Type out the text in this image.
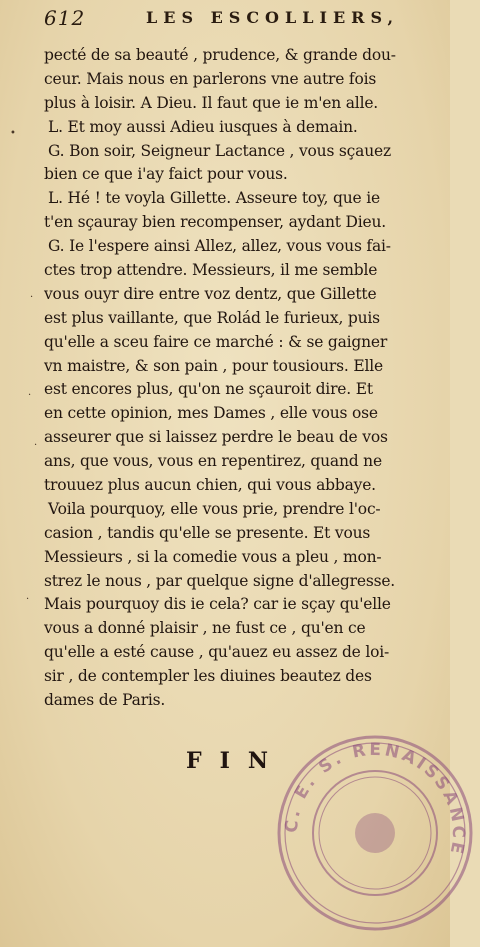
612	LES ESCOLLIERS,
pecté de sa beauté , prudence, & grande dou-
ceur. Mais nous en parlerons vne autre fois
plus à loisir. A Dieu. Il faut que ie m'en alle.
L. Et moy aussi Adieu iusques à demain.
G. Bon soir, Seigneur Lactance , vous sçauez
bien ce que i'ay faict pour vous.
L. Hé ! te voyla Gillette. Asseure toy, que ie
t'en sçauray bien recompenser, aydant Dieu.
G. Ie l'espere ainsi Allez, allez, vous vous fai-
ctes trop attendre. Messieurs, il me semble
vous ouyr dire entre voz dentz, que Gillette
est plus vaillante, que Rolád le furieux, puis
qu'elle a sceu faire ce marché : & se gaigner
vn maistre, & son pain , pour tousiours. Elle
est encores plus, qu'on ne sçauroit dire. Et
en cette opinion, mes Dames , elle vous ose
asseurer que si laissez perdre le beau de vos
ans, que vous, vous en repentirez, quand ne
trouuez plus aucun chien, qui vous abbaye.
Voila pourquoy, elle vous prie, prendre l'oc-
casion , tandis qu'elle se presente. Et vous
Messieurs , si la comedie vous a pleu , mon-
strez le nous , par quelque signe d'allegresse.
Mais pourquoy dis ie cela? car ie sçay qu'elle
vous a donné plaisir , ne fust ce , qu'en ce
qu'elle a esté cause , qu'auez eu assez de loi-
sir , de contempler les diuines beautez des
dames de Paris.
•
·
·
·
·
FIN
C. E. S. RENAISSANCE
